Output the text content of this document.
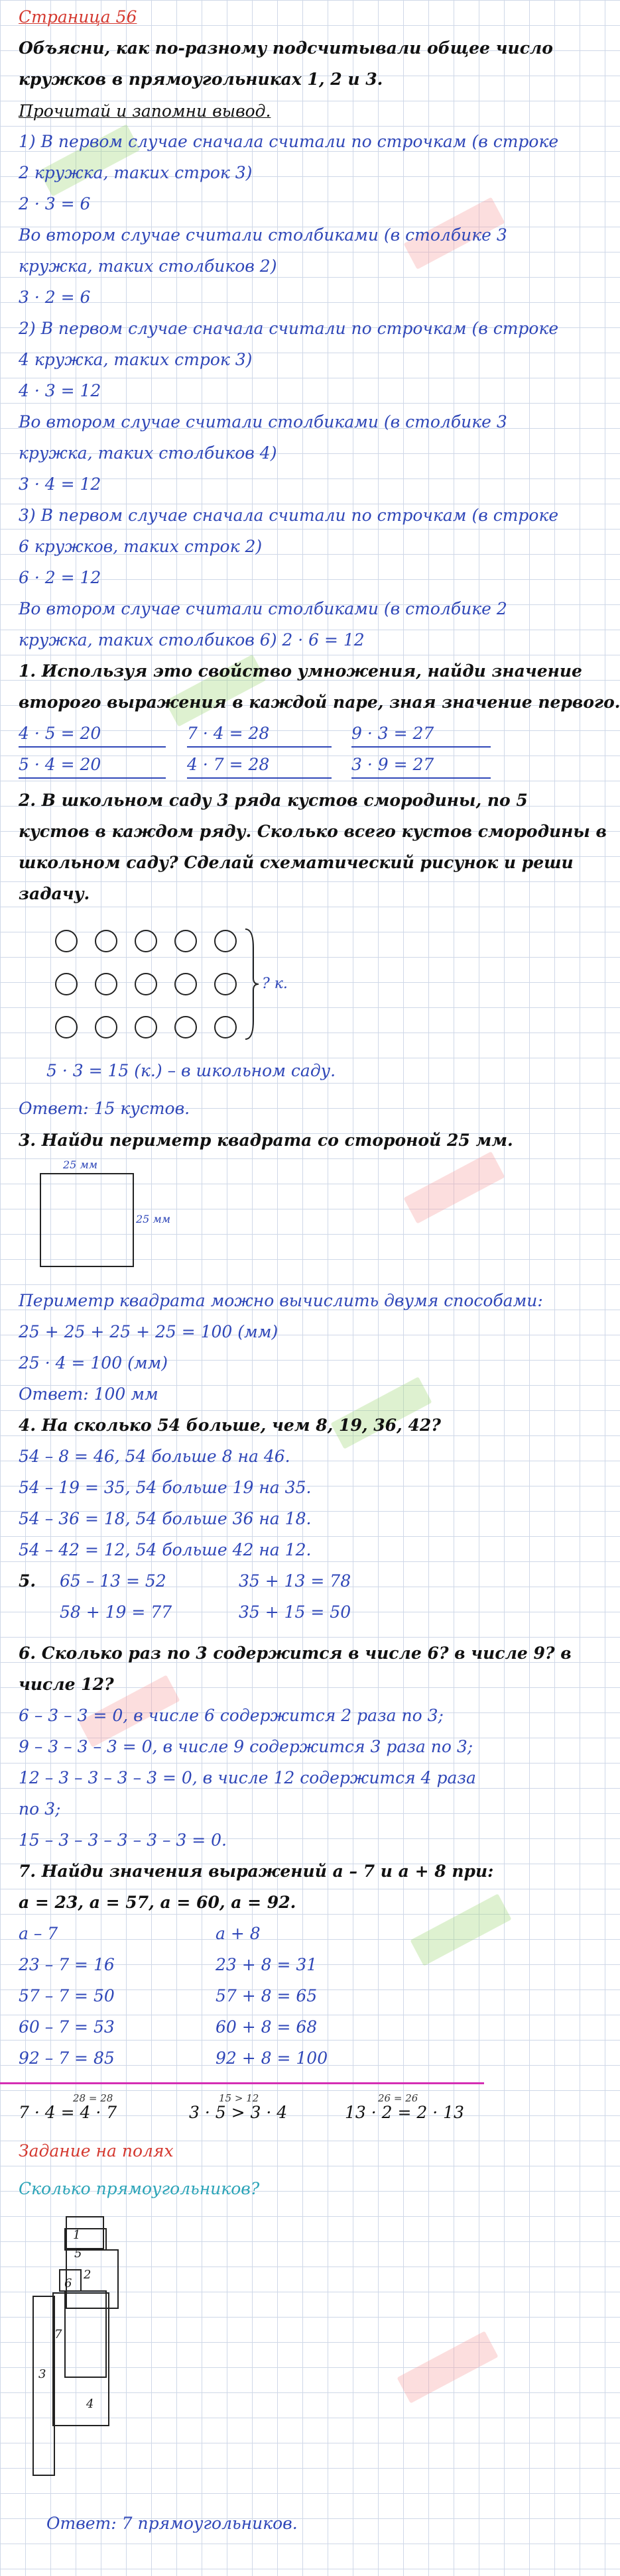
Страница 56
Объясни, как по-разному подсчитывали общее число
кружков в прямоугольниках 1, 2 и 3.
Прочитай и запомни вывод.
1) В первом случае сначала считали по строчкам (в строке
2 кружка, таких строк 3)
2 · 3 = 6
Во втором случае считали столбиками (в столбике 3
кружка, таких столбиков 2)
3 · 2 = 6
2) В первом случае сначала считали по строчкам (в строке
4 кружка, таких строк 3)
4 · 3 = 12
Во втором случае считали столбиками (в столбике 3
кружка, таких столбиков 4)
3 · 4 = 12
3) В первом случае сначала считали по строчкам (в строке
6 кружков, таких строк 2)
6 · 2 = 12
Во втором случае считали столбиками (в столбике 2
кружка, таких столбиков 6) 2 · 6 = 12
1. Используя это свойство умножения, найди значение
второго выражения в каждой паре, зная значение первого.
4 · 5 = 20	7 · 4 = 28	9 · 3 = 27
5 · 4 = 20	4 · 7 = 28	3 · 9 = 27
2. В школьном саду 3 ряда кустов смородины, по 5
кустов в каждом ряду. Сколько всего кустов смородины в
школьном саду? Сделай схематический рисунок и реши
задачу.
? к.
5 · 3 = 15 (к.) – в школьном саду.
Ответ: 15 кустов.
3. Найди периметр квадрата со стороной 25 мм.
25 мм
25 мм
Периметр квадрата можно вычислить двумя способами:
25 + 25 + 25 + 25 = 100 (мм)
25 · 4 = 100 (мм)
Ответ: 100 мм
4. На сколько 54 больше, чем 8, 19, 36, 42?
54 – 8 = 46, 54 больше 8 на 46.
54 – 19 = 35, 54 больше 19 на 35.
54 – 36 = 18, 54 больше 36 на 18.
54 – 42 = 12, 54 больше 42 на 12.
5. 65 – 13 = 52	35 + 13 = 78
58 + 19 = 77	35 + 15 = 50
6. Сколько раз по 3 содержится в числе 6? в числе 9? в
числе 12?
6 – 3 – 3 = 0, в числе 6 содержится 2 раза по 3;
9 – 3 – 3 – 3 = 0, в числе 9 содержится 3 раза по 3;
12 – 3 – 3 – 3 – 3 = 0, в числе 12 содержится 4 раза
по 3;
15 – 3 – 3 – 3 – 3 – 3 = 0.
7. Найди значения выражений а – 7 и а + 8 при:
а = 23, а = 57, а = 60, а = 92.
а – 7	а + 8
23 – 7 = 16	23 + 8 = 31
57 – 7 = 50	57 + 8 = 65
60 – 7 = 53	60 + 8 = 68
92 – 7 = 85	92 + 8 = 100
28 = 28
7 · 4 = 4 · 7
15 > 12
3 · 5 > 3 · 4
26 = 26
13 · 2 = 2 · 13
Задание на полях
Сколько прямоугольников?
1
2
3
4
5
6
7
Ответ: 7 прямоугольников.
